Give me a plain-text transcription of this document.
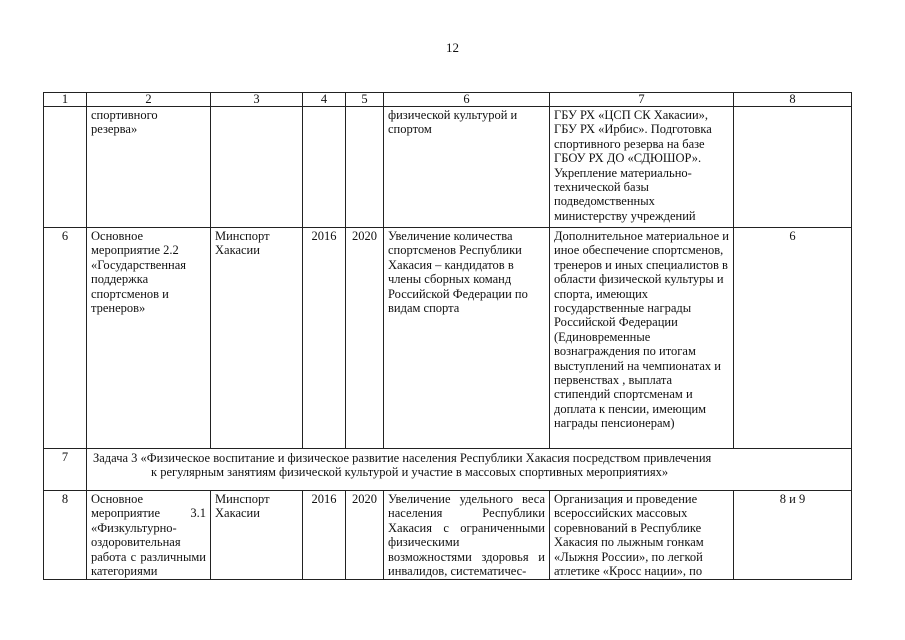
12
1	2	3	4	5	6	7	8
	спортивного резерва»				физической культурой и спортом	ГБУ РХ «ЦСП СК Хакасии», ГБУ РХ «Ирбис». Подготовка спортивного резерва на базе ГБОУ РХ ДО «СДЮШОР». Укрепление материально-технической базы подведомственных министерству учреждений	
6	Основное мероприятие 2.2 «Государственная поддержка спортсменов и тренеров»	Минспорт Хакасии	2016	2020	Увеличение количества спортсменов Республики Хакасия – кандидатов в члены сборных команд Российской Федерации по видам спорта	Дополнительное материальное и иное обеспечение спортсменов, тренеров и иных специалистов в области физической культуры и спорта, имеющих государственные награды Российской Федерации (Единовременные вознаграждения по итогам выступлений на чемпионатах и первенствах , выплата стипендий спортсменам и доплата к пенсии, имеющим награды пенсионерам)	6
7	Задача 3 «Физическое воспитание и физическое развитие населения Республики Хакасия посредством привлечения
к регулярным занятиям физической культурой и участие в массовых спортивных мероприятиях»						

8	Основное мероприятие 3.1 «Физкультурно-оздоровительная работа с различными категориями	Минспорт Хакасии	2016	2020	Увеличение удельного веса населения Республики Хакасия с ограниченными физическими возможностями здоровья и инвалидов, систематичес-	Организация и проведение всероссийских массовых соревнований в Республике Хакасия по лыжным гонкам «Лыжня России», по легкой атлетике «Кросс нации», по	8 и 9
